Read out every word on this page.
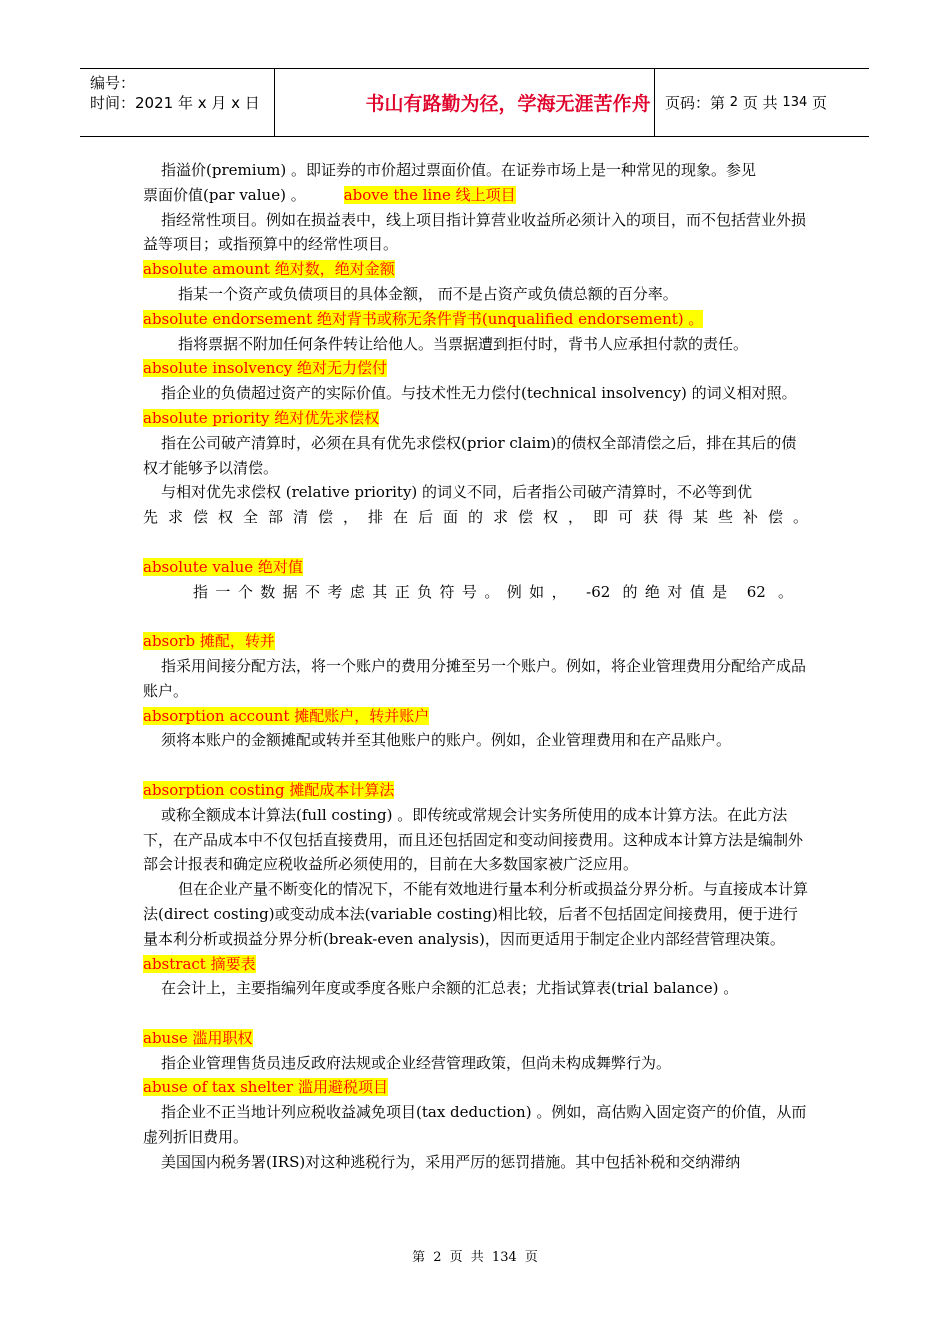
编号：
时间：2021 年 x 月 x 日	书山有路勤为径，学海无涯苦作舟 页码：第
2
页 共
134
页

指溢价(premium) 。即证券的市价超过票面价值。在证券市场上是一种常见的现象。参见

票面价值(par value) 。	above the line 线上项目

指经常性项目。例如在损益表中，线上项目指计算营业收益所必须计入的项目，而不包括营业外损益等项目；或指预算中的经常性项目。

absolute amount 绝对数，绝对金额

指某一个资产或负债项目的具体金额， 而不是占资产或负债总额的百分率。

absolute endorsement 绝对背书或称无条件背书(unqualified endorsement) 。

指将票据不附加任何条件转让给他人。当票据遭到拒付时，背书人应承担付款的责任。

absolute insolvency 绝对无力偿付

指企业的负债超过资产的实际价值。与技术性无力偿付(technical insolvency) 的词义相对照。

absolute priority 绝对优先求偿权

指在公司破产清算时，必须在具有优先求偿权(prior claim)的债权全部清偿之后，排在其后的债权才能够予以清偿。

与相对优先求偿权 (relative priority) 的词义不同，后者指公司破产清算时，不必等到优

先求偿权全部清偿，排在后面的求偿权，即可获得某些补偿。

absolute value 绝对值

指一个数据不考虑其正负符号。例如， -62 的绝对值是 62 。

absorb 摊配，转并

指采用间接分配方法，将一个账户的费用分摊至另一个账户。例如，将企业管理费用分配给产成品账户。

absorption account 摊配账户，转并账户

须将本账户的金额摊配或转并至其他账户的账户。例如，企业管理费用和在产品账户。

absorption costing 摊配成本计算法

或称全额成本计算法(full costing) 。即传统或常规会计实务所使用的成本计算方法。在此方法下，在产品成本中不仅包括直接费用，而且还包括固定和变动间接费用。这种成本计算方法是编制外部会计报表和确定应税收益所必须使用的，目前在大多数国家被广泛应用。

但在企业产量不断变化的情况下，不能有效地进行量本利分析或损益分界分析。与直接成本计算法(direct costing)或变动成本法(variable costing)相比较，后者不包括固定间接费用，便于进行量本利分析或损益分界分析(break-even analysis)，因而更适用于制定企业内部经营管理决策。

abstract 摘要表

在会计上，主要指编列年度或季度各账户余额的汇总表；尤指试算表(trial balance) 。

abuse 滥用职权

指企业管理售货员违反政府法规或企业经营管理政策，但尚未构成舞弊行为。

abuse of tax shelter 滥用避税项目

指企业不正当地计列应税收益减免项目(tax deduction) 。例如，高估购入固定资产的价值，从而虚列折旧费用。

美国国内税务署(IRS)对这种逃税行为，采用严厉的惩罚措施。其中包括补税和交纳滞纳

第 2 页 共 134 页
